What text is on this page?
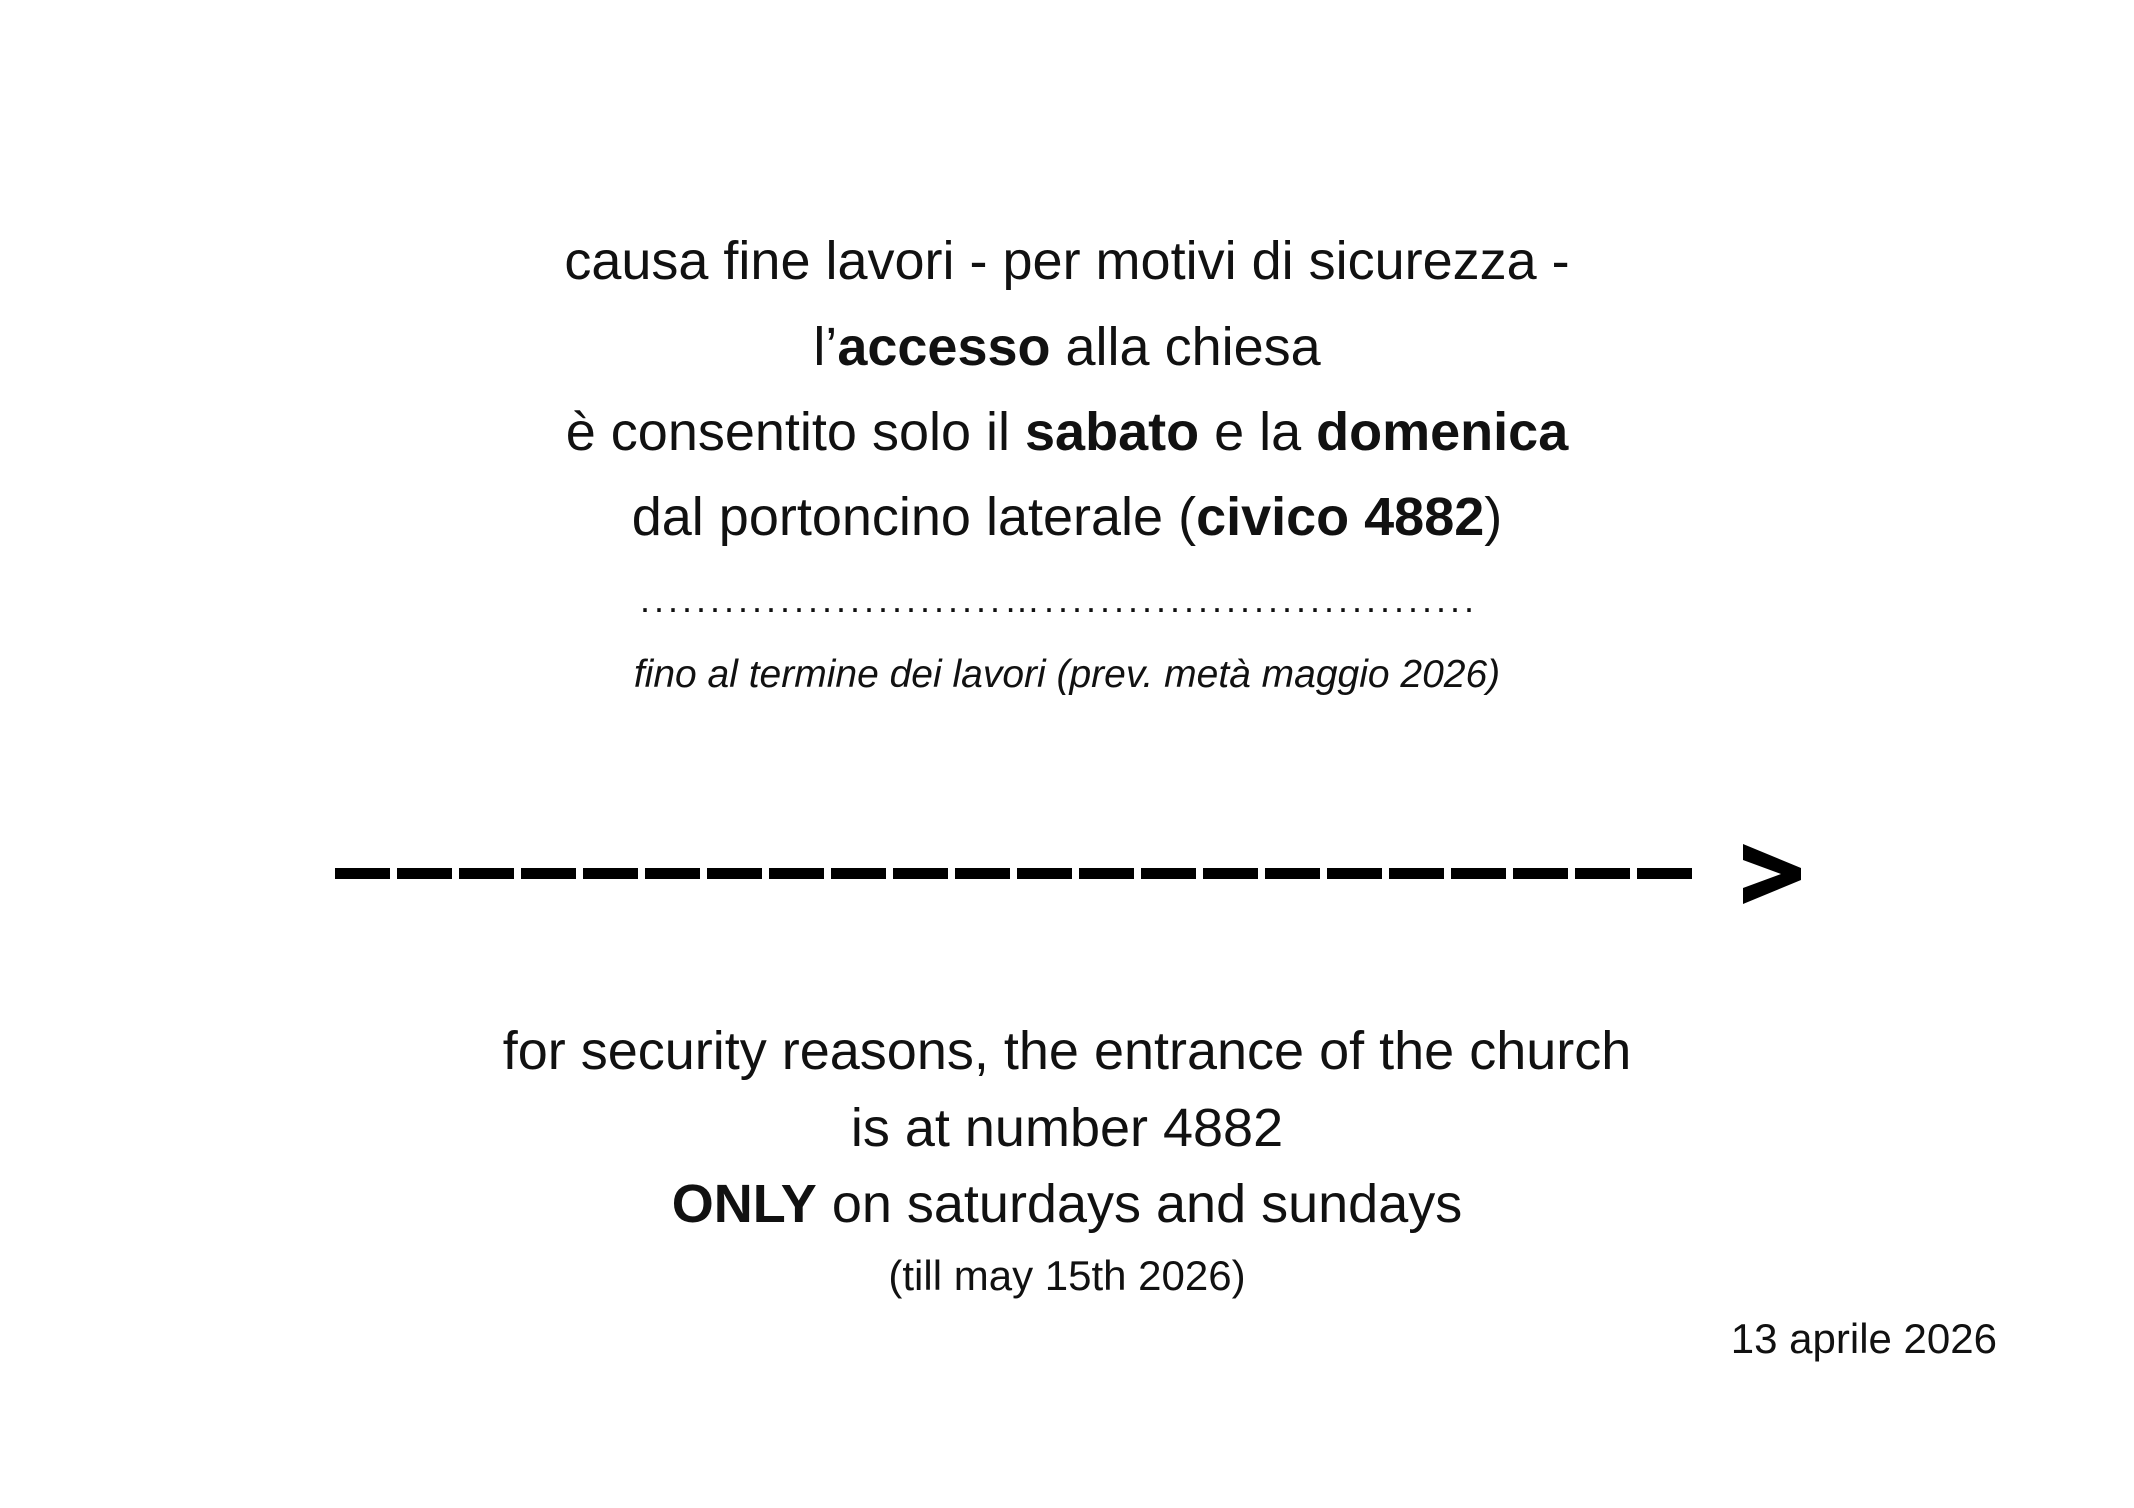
causa fine lavori - per motivi di sicurezza -
l’accesso alla chiesa
è consentito solo il sabato e la domenica
dal portoncino laterale (civico 4882)
..........................…...............................
fino al termine dei lavori (prev. metà maggio 2026)
for security reasons, the entrance of the church
is at number 4882
ONLY on saturdays and sundays
(till may 15th 2026)
13 aprile 2026
